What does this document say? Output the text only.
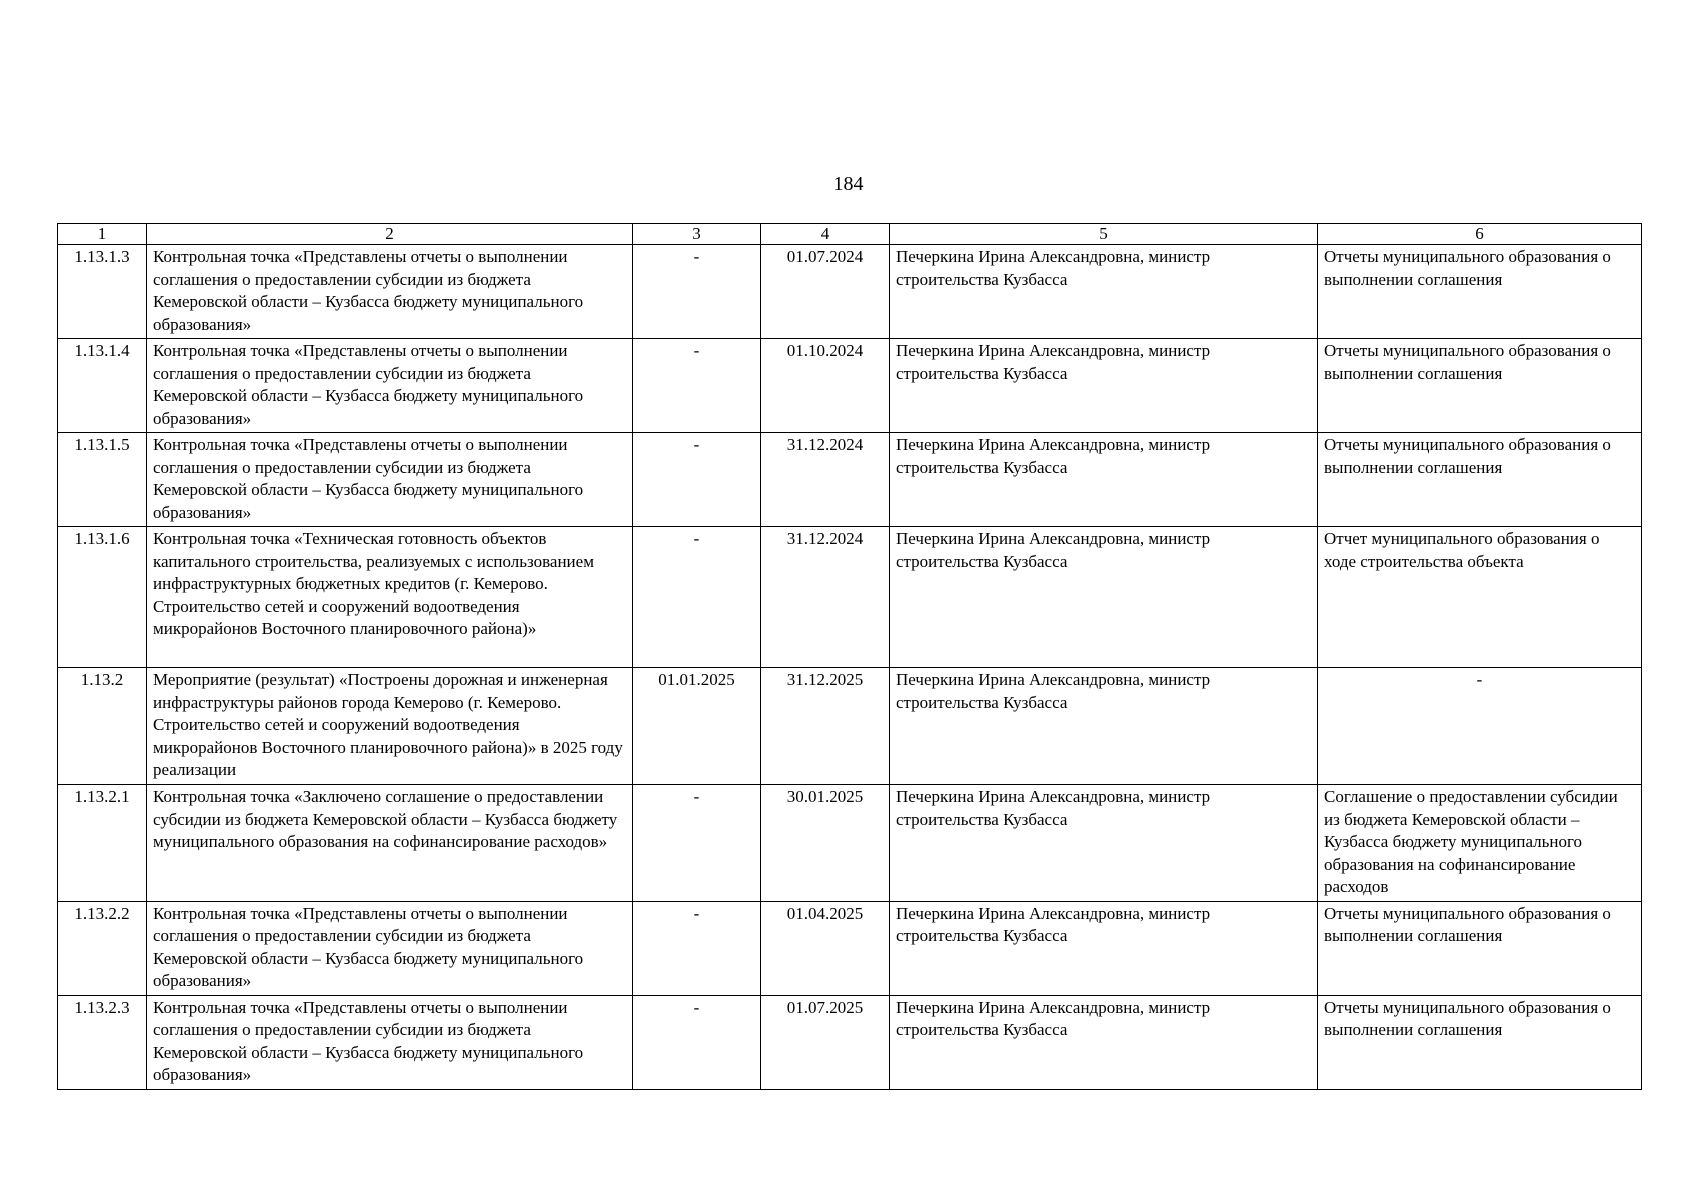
184
1	2	3	4	5	6
1.13.1.3	Контрольная точка «Представлены отчеты о выполнении соглашения о предоставлении субсидии из бюджета Кемеровской области – Кузбасса бюджету муниципального образования»	-	01.07.2024	Печеркина Ирина Александровна, министр строительства Кузбасса	Отчеты муниципального образования о выполнении соглашения
1.13.1.4	Контрольная точка «Представлены отчеты о выполнении соглашения о предоставлении субсидии из бюджета Кемеровской области – Кузбасса бюджету муниципального образования»	-	01.10.2024	Печеркина Ирина Александровна, министр строительства Кузбасса	Отчеты муниципального образования о выполнении соглашения
1.13.1.5	Контрольная точка «Представлены отчеты о выполнении соглашения о предоставлении субсидии из бюджета Кемеровской области – Кузбасса бюджету муниципального образования»	-	31.12.2024	Печеркина Ирина Александровна, министр строительства Кузбасса	Отчеты муниципального образования о выполнении соглашения
1.13.1.6	Контрольная точка «Техническая готовность объектов капитального строительства, реализуемых с использованием инфраструктурных бюджетных кредитов (г. Кемерово. Строительство сетей и сооружений водоотведения микрорайонов Восточного планировочного района)»	-	31.12.2024	Печеркина Ирина Александровна, министр строительства Кузбасса	Отчет муниципального образования о ходе строительства объекта
1.13.2	Мероприятие (результат) «Построены дорожная и инженерная инфраструктуры районов города Кемерово (г. Кемерово. Строительство сетей и сооружений водоотведения микрорайонов Восточного планировочного района)» в 2025 году реализации	01.01.2025	31.12.2025	Печеркина Ирина Александровна, министр строительства Кузбасса	-
1.13.2.1	Контрольная точка «Заключено соглашение о предоставлении субсидии из бюджета Кемеровской области – Кузбасса бюджету муниципального образования на софинансирование расходов»	-	30.01.2025	Печеркина Ирина Александровна, министр строительства Кузбасса	Соглашение о предоставлении субсидии из бюджета Кемеровской области – Кузбасса бюджету муниципального образования на софинансирование расходов
1.13.2.2	Контрольная точка «Представлены отчеты о выполнении соглашения о предоставлении субсидии из бюджета Кемеровской области – Кузбасса бюджету муниципального образования»	-	01.04.2025	Печеркина Ирина Александровна, министр строительства Кузбасса	Отчеты муниципального образования о выполнении соглашения
1.13.2.3	Контрольная точка «Представлены отчеты о выполнении соглашения о предоставлении субсидии из бюджета Кемеровской области – Кузбасса бюджету муниципального образования»	-	01.07.2025	Печеркина Ирина Александровна, министр строительства Кузбасса	Отчеты муниципального образования о выполнении соглашения
